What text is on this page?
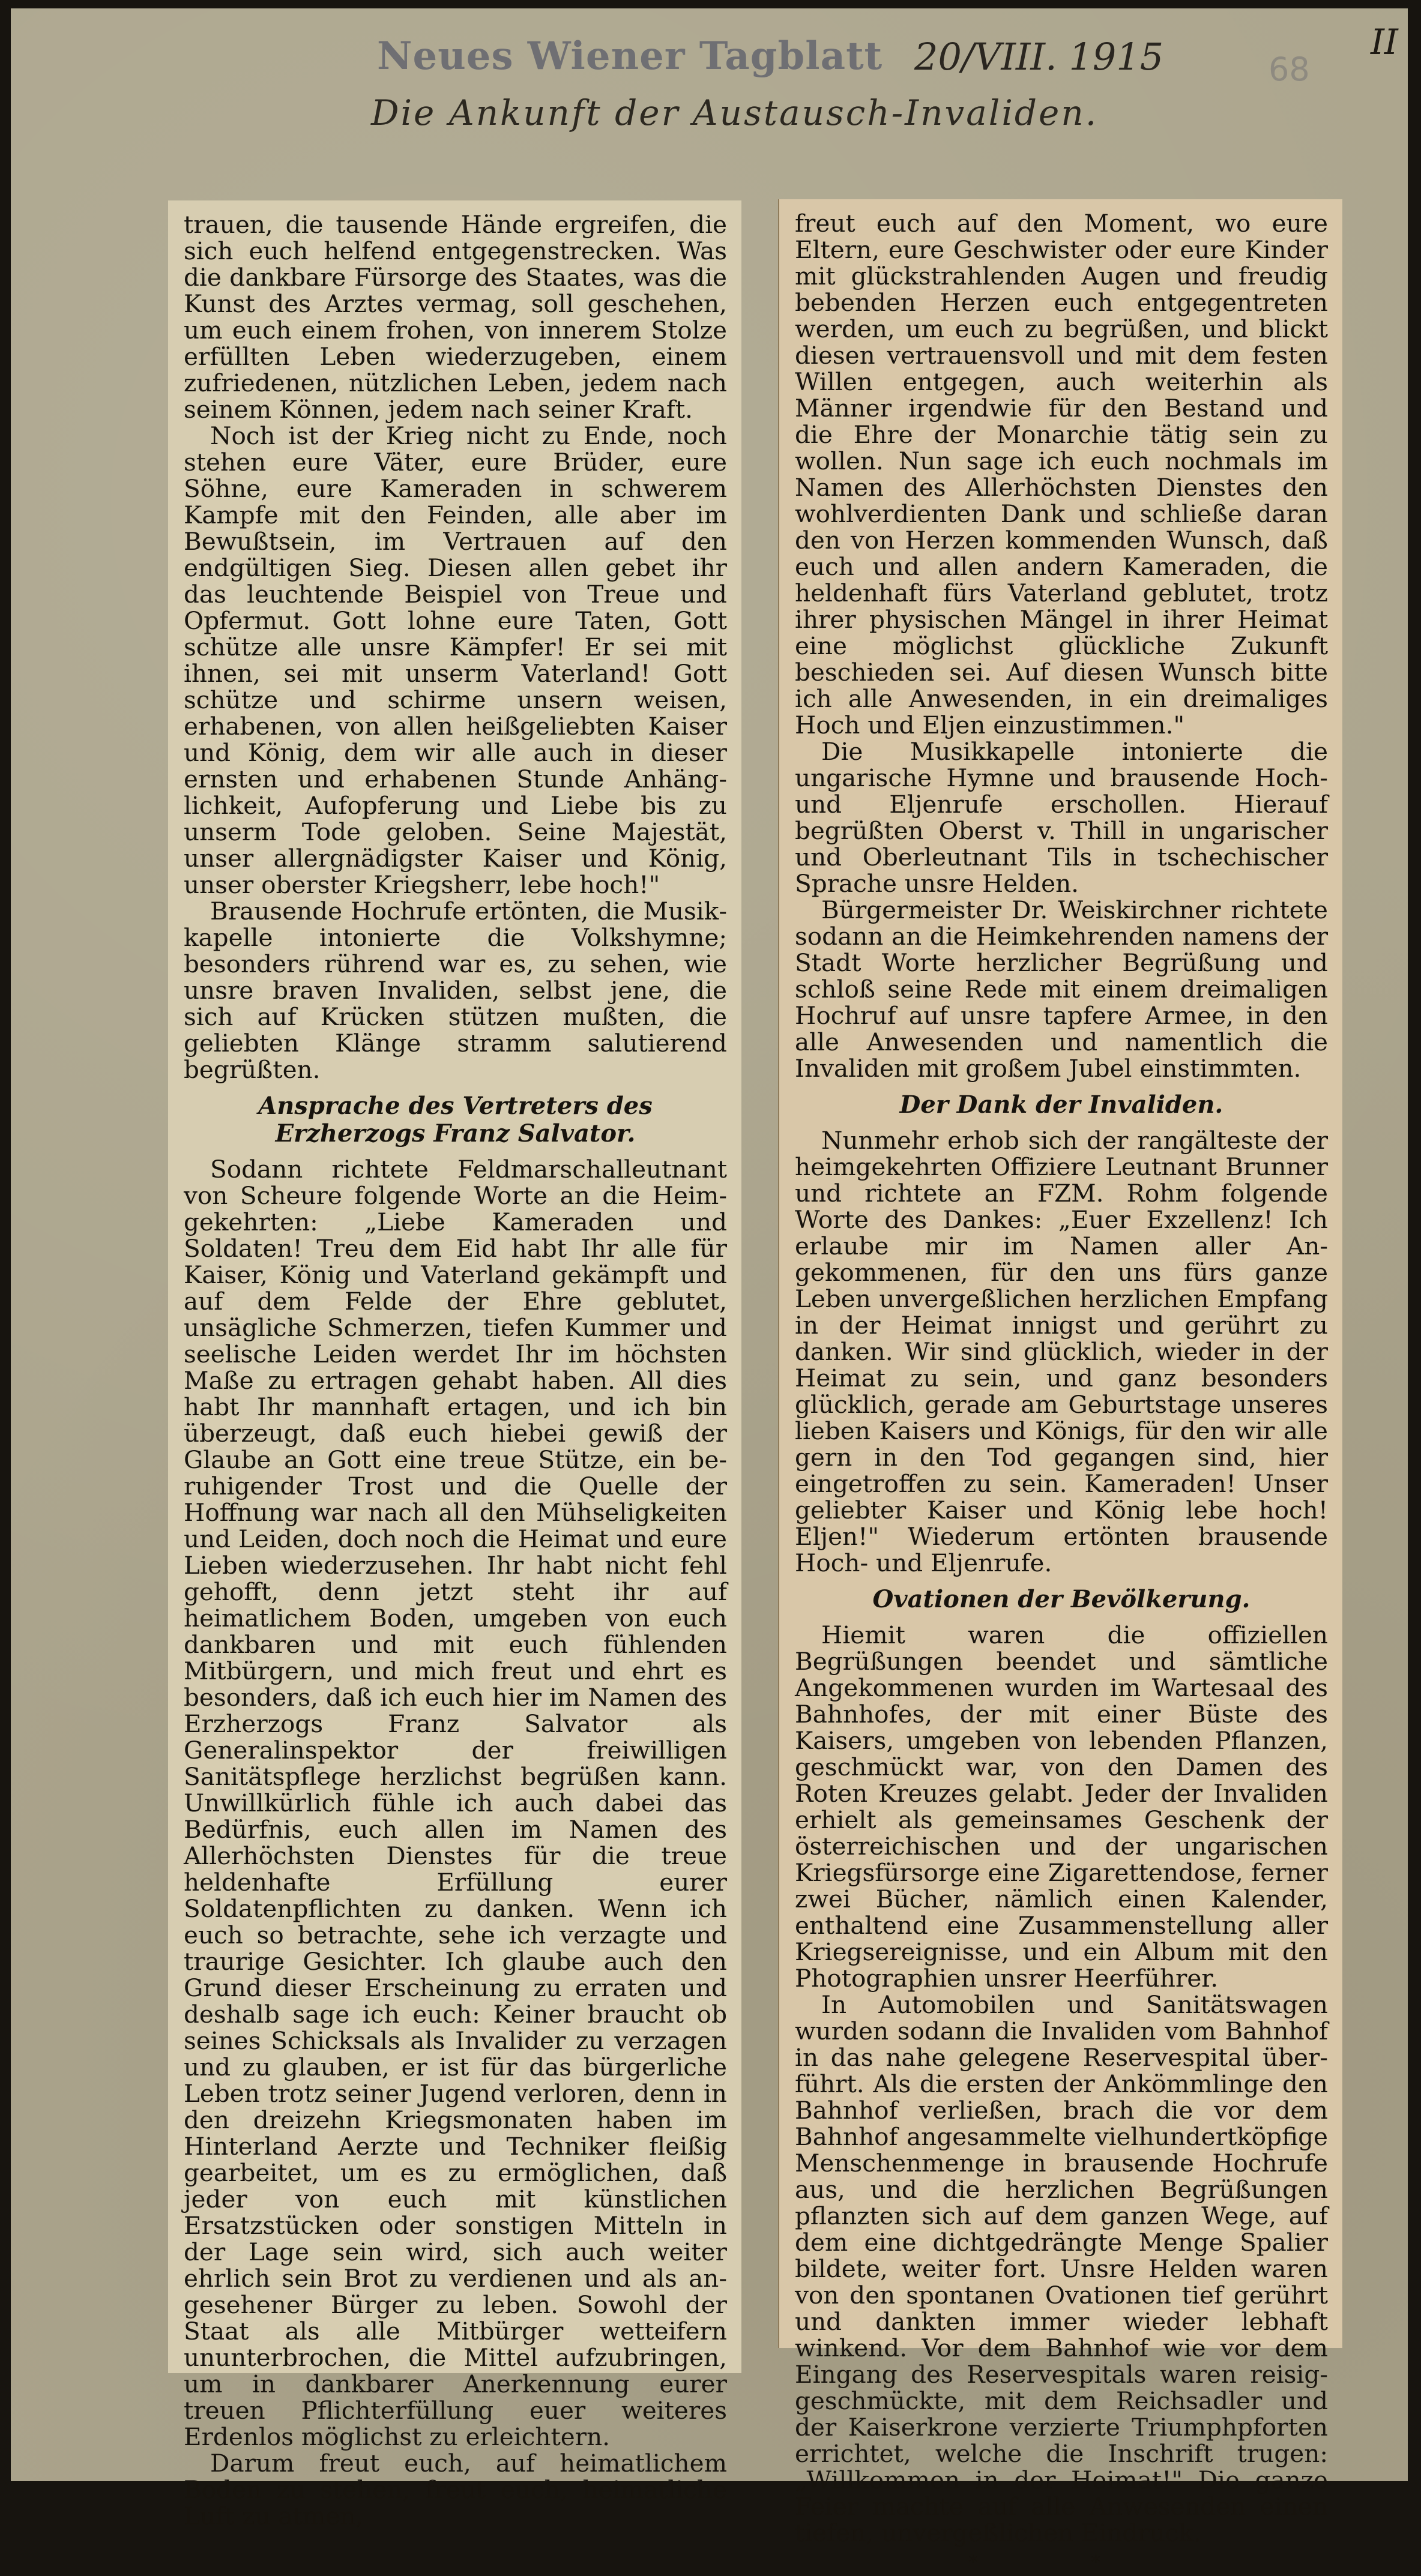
Neues Wiener Tagblatt 20/VIII. 1915	68
II
Die Ankunft der Austausch-Invaliden.

trauen, die tausende Hände ergreifen, die sich euch helfend entgegenstrecken. Was die dankbare Fürsorge des Staates, was die Kunst des Arztes vermag, soll geschehen, um euch einem frohen, von innerem Stolze erfüllten Leben wiederzugeben, einem zufriedenen, nützlichen Leben, jedem nach seinem Können, jedem nach seiner Kraft.

Noch ist der Krieg nicht zu Ende, noch stehen eure Väter, eure Brüder, eure Söhne, eure Kameraden in schwerem Kampfe mit den Feinden, alle aber im Bewußtsein, im Vertrauen auf den endgültigen Sieg. Diesen allen gebet ihr das leuchtende Beispiel von Treue und Opfermut. Gott lohne eure Taten, Gott schütze alle unsre Kämpfer! Er sei mit ihnen, sei mit unserm Vaterland! Gott schütze und schirme unsern weisen, erhabenen, von allen heißgeliebten Kaiser und König, dem wir alle auch in dieser ernsten und erhabenen Stunde Anhänglichkeit, Aufopferung und Liebe bis zu unserm Tode geloben. Seine Majestät, unser allergnädigster Kaiser und König, unser oberster Kriegsherr, lebe hoch!"

Brausende Hochrufe ertönten, die Musikkapelle intonierte die Volkshymne; besonders rührend war es, zu sehen, wie unsre braven Invaliden, selbst jene, die sich auf Krücken stützen mußten, die geliebten Klänge stramm salutierend begrüßten.

Ansprache des Vertreters des Erzherzogs Franz Salvator.

Sodann richtete Feldmarschalleutnant von Scheure folgende Worte an die Heimgekehrten: „Liebe Kameraden und Soldaten! Treu dem Eid habt Ihr alle für Kaiser, König und Vaterland gekämpft und auf dem Felde der Ehre geblutet, unsägliche Schmerzen, tiefen Kummer und seelische Leiden werdet Ihr im höchsten Maße zu ertragen gehabt haben. All dies habt Ihr mannhaft ertagen, und ich bin überzeugt, daß euch hiebei gewiß der Glaube an Gott eine treue Stütze, ein beruhigender Trost und die Quelle der Hoffnung war nach all den Mühseligkeiten und Leiden, doch noch die Heimat und eure Lieben wiederzusehen. Ihr habt nicht fehl gehofft, denn jetzt steht ihr auf heimatlichem Boden, umgeben von euch dankbaren und mit euch fühlenden Mitbürgern, und mich freut und ehrt es besonders, daß ich euch hier im Namen des Erzherzogs Franz Salvator als Generalinspektor der freiwilligen Sanitätspflege herzlichst begrüßen kann. Unwillkürlich fühle ich auch dabei das Bedürfnis, euch allen im Namen des Allerhöchsten Dienstes für die treue heldenhafte Erfüllung eurer Soldatenpflichten zu danken. Wenn ich euch so betrachte, sehe ich verzagte und traurige Gesichter. Ich glaube auch den Grund dieser Erscheinung zu erraten und deshalb sage ich euch: Keiner braucht ob seines Schicksals als Invalider zu verzagen und zu glauben, er ist für das bürgerliche Leben trotz seiner Jugend verloren, denn in den dreizehn Kriegsmonaten haben im Hinterland Aerzte und Techniker fleißig gearbeitet, um es zu ermöglichen, daß jeder von euch mit künstlichen Ersatzstücken oder sonstigen Mitteln in der Lage sein wird, sich auch weiter ehrlich sein Brot zu verdienen und als angesehener Bürger zu leben. Sowohl der Staat als alle Mitbürger wetteifern ununterbrochen, die Mittel aufzubringen, um in dankbarer Anerkennung eurer treuen Pflichterfüllung euer weiteres Erdenlos möglichst zu erleichtern.

Darum freut euch, auf heimatlichem Boden zu stehen, freut euch, heimatliche Luft zu atmen,

freut euch auf den Moment, wo eure Eltern, eure Geschwister oder eure Kinder mit glückstrahlenden Augen und freudig bebenden Herzen euch entgegentreten werden, um euch zu begrüßen, und blickt diesen vertrauensvoll und mit dem festen Willen entgegen, auch weiterhin als Männer irgendwie für den Bestand und die Ehre der Monarchie tätig sein zu wollen. Nun sage ich euch nochmals im Namen des Allerhöchsten Dienstes den wohlverdienten Dank und schließe daran den von Herzen kommenden Wunsch, daß euch und allen andern Kameraden, die heldenhaft fürs Vaterland geblutet, trotz ihrer physischen Mängel in ihrer Heimat eine möglichst glückliche Zukunft beschieden sei. Auf diesen Wunsch bitte ich alle Anwesenden, in ein dreimaliges Hoch und Eljen einzustimmen."

Die Musikkapelle intonierte die ungarische Hymne und brausende Hoch- und Eljenrufe erschollen. Hierauf begrüßten Oberst v. Thill in ungarischer und Oberleutnant Tils in tschechischer Sprache unsre Helden.

Bürgermeister Dr. Weiskirchner richtete sodann an die Heimkehrenden namens der Stadt Worte herzlicher Begrüßung und schloß seine Rede mit einem dreimaligen Hochruf auf unsre tapfere Armee, in den alle Anwesenden und namentlich die Invaliden mit großem Jubel einstimmten.

Der Dank der Invaliden.

Nunmehr erhob sich der rangälteste der heimgekehrten Offiziere Leutnant Brunner und richtete an FZM. Rohm folgende Worte des Dankes: „Euer Exzellenz! Ich erlaube mir im Namen aller Angekommenen, für den uns fürs ganze Leben unvergeßlichen herzlichen Empfang in der Heimat innigst und gerührt zu danken. Wir sind glücklich, wieder in der Heimat zu sein, und ganz besonders glücklich, gerade am Geburtstage unseres lieben Kaisers und Königs, für den wir alle gern in den Tod gegangen sind, hier eingetroffen zu sein. Kameraden! Unser geliebter Kaiser und König lebe hoch! Eljen!" Wiederum ertönten brausende Hoch- und Eljenrufe.

Ovationen der Bevölkerung.

Hiemit waren die offiziellen Begrüßungen beendet und sämtliche Angekommenen wurden im Wartesaal des Bahnhofes, der mit einer Büste des Kaisers, umgeben von lebenden Pflanzen, geschmückt war, von den Damen des Roten Kreuzes gelabt. Jeder der Invaliden erhielt als gemeinsames Geschenk der österreichischen und der ungarischen Kriegsfürsorge eine Zigarettendose, ferner zwei Bücher, nämlich einen Kalender, enthaltend eine Zusammenstellung aller Kriegsereignisse, und ein Album mit den Photographien unsrer Heerführer.

In Automobilen und Sanitätswagen wurden sodann die Invaliden vom Bahnhof in das nahe gelegene Reservespital überführt. Als die ersten der Ankömmlinge den Bahnhof verließen, brach die vor dem Bahnhof angesammelte vielhundertköpfige Menschenmenge in brausende Hochrufe aus, und die herzlichen Begrüßungen pflanzten sich auf dem ganzen Wege, auf dem eine dichtgedrängte Menge Spalier bildete, weiter fort. Unsre Helden waren von den spontanen Ovationen tief gerührt und dankten immer wieder lebhaft winkend. Vor dem Bahnhof wie vor dem Eingang des Reservespitals waren reisiggeschmückte, mit dem Reichsadler und der Kaiserkrone verzierte Triumphpforten errichtet, welche die Inschrift trugen: „Willkommen in der Heimat!" Die ganze Feier machte auf alle Anwesenden einen tiefen, unvergeßlichen Eindruck.

* *
